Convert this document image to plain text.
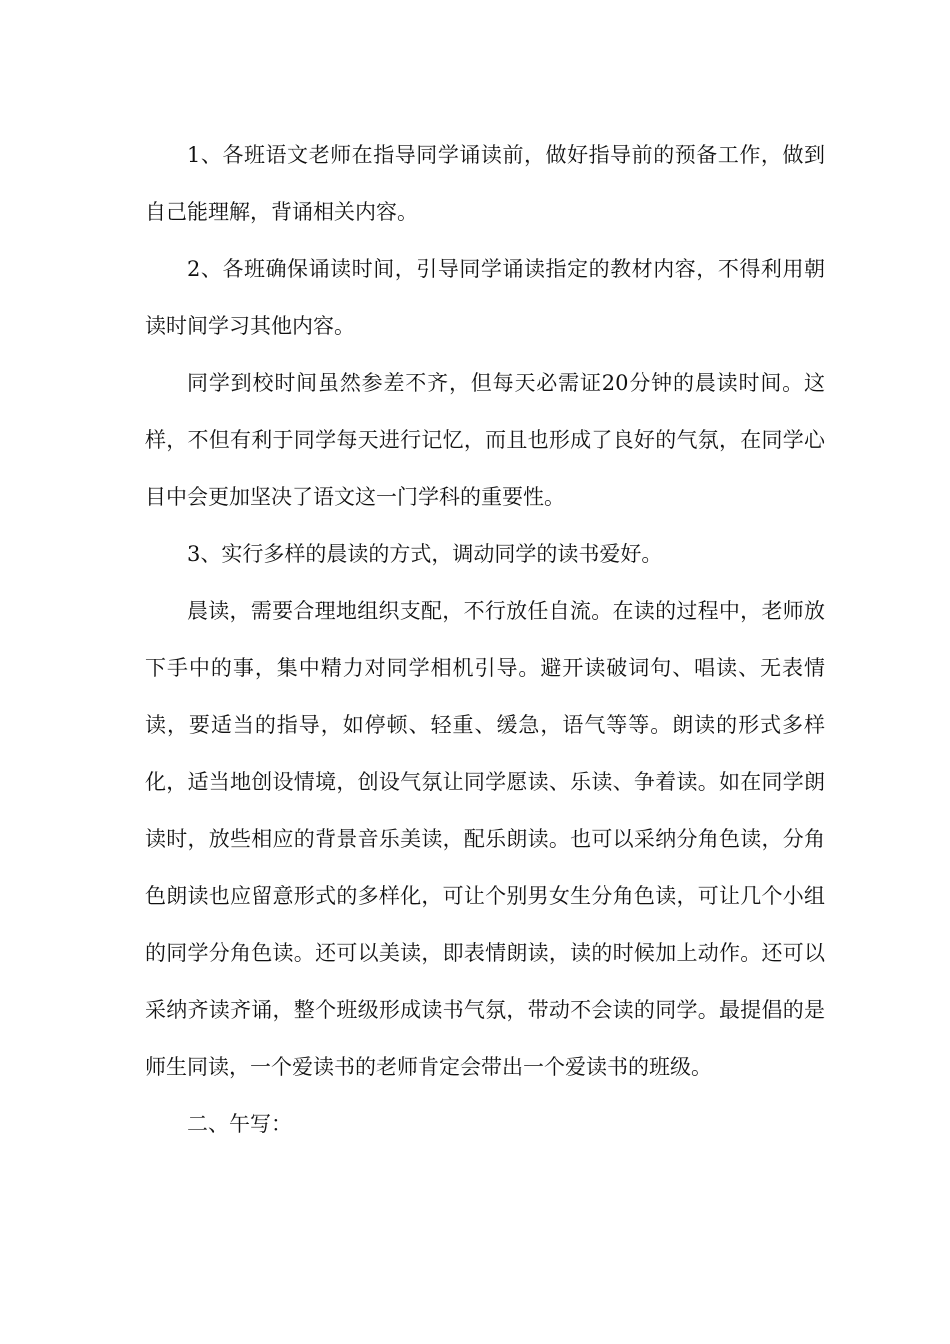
1、各班语文老师在指导同学诵读前，做好指导前的预备工作，做到自己能理解，背诵相关内容。

2、各班确保诵读时间，引导同学诵读指定的教材内容，不得利用朝读时间学习其他内容。

同学到校时间虽然参差不齐，但每天必需证20分钟的晨读时间。这样，不但有利于同学每天进行记忆，而且也形成了良好的气氛，在同学心目中会更加坚决了语文这一门学科的重要性。

3、实行多样的晨读的方式，调动同学的读书爱好。

晨读，需要合理地组织支配，不行放任自流。在读的过程中，老师放下手中的事，集中精力对同学相机引导。避开读破词句、唱读、无表情读，要适当的指导，如停顿、轻重、缓急，语气等等。朗读的形式多样化，适当地创设情境，创设气氛让同学愿读、乐读、争着读。如在同学朗读时，放些相应的背景音乐美读，配乐朗读。也可以采纳分角色读，分角色朗读也应留意形式的多样化，可让个别男女生分角色读，可让几个小组的同学分角色读。还可以美读，即表情朗读，读的时候加上动作。还可以采纳齐读齐诵，整个班级形成读书气氛，带动不会读的同学。最提倡的是师生同读，一个爱读书的老师肯定会带出一个爱读书的班级。

二、午写：
